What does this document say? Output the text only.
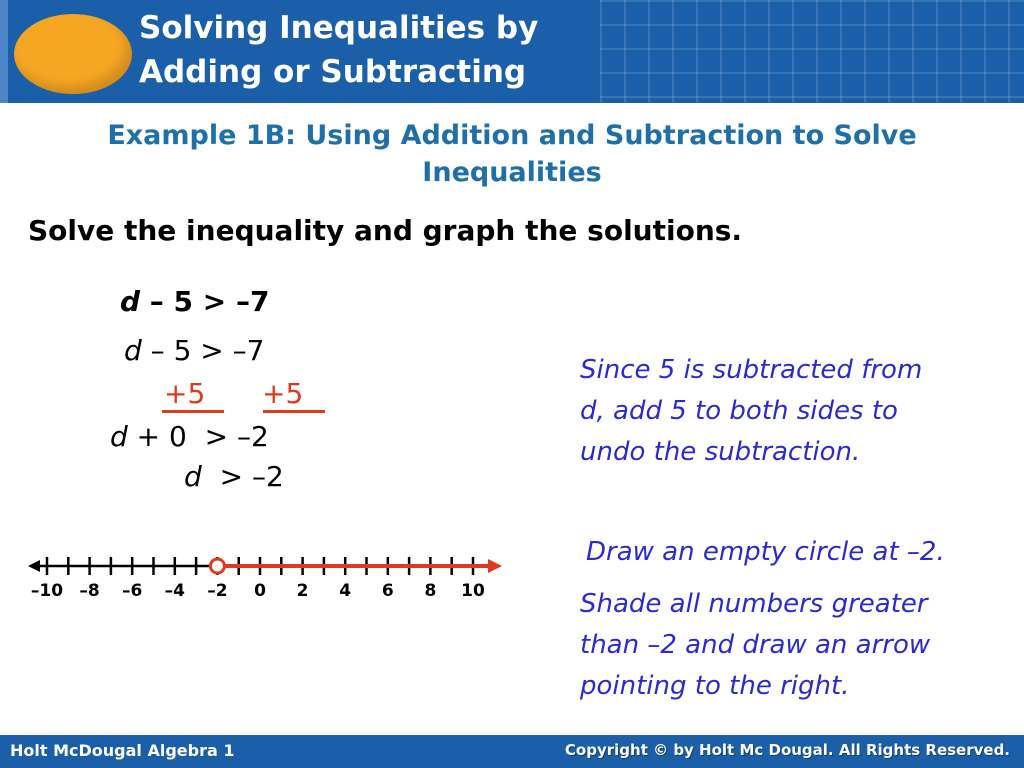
Solving Inequalities by
Adding or Subtracting
Example 1B: Using Addition and Subtraction to Solve
Inequalities
Solve the inequality and graph the solutions.
d – 5 > –7
d – 5 > –7
+5 +5
d + 0  > –2
d  > –2
Since 5 is subtracted from
d, add 5 to both sides to
undo the subtraction.
Draw an empty circle at –2.
Shade all numbers greater
than –2 and draw an arrow
pointing to the right.
–10 –8 –6 –4 –2 0 2 4 6 8 10
Holt McDougal Algebra 1	Copyright © by Holt Mc Dougal. All Rights Reserved.
